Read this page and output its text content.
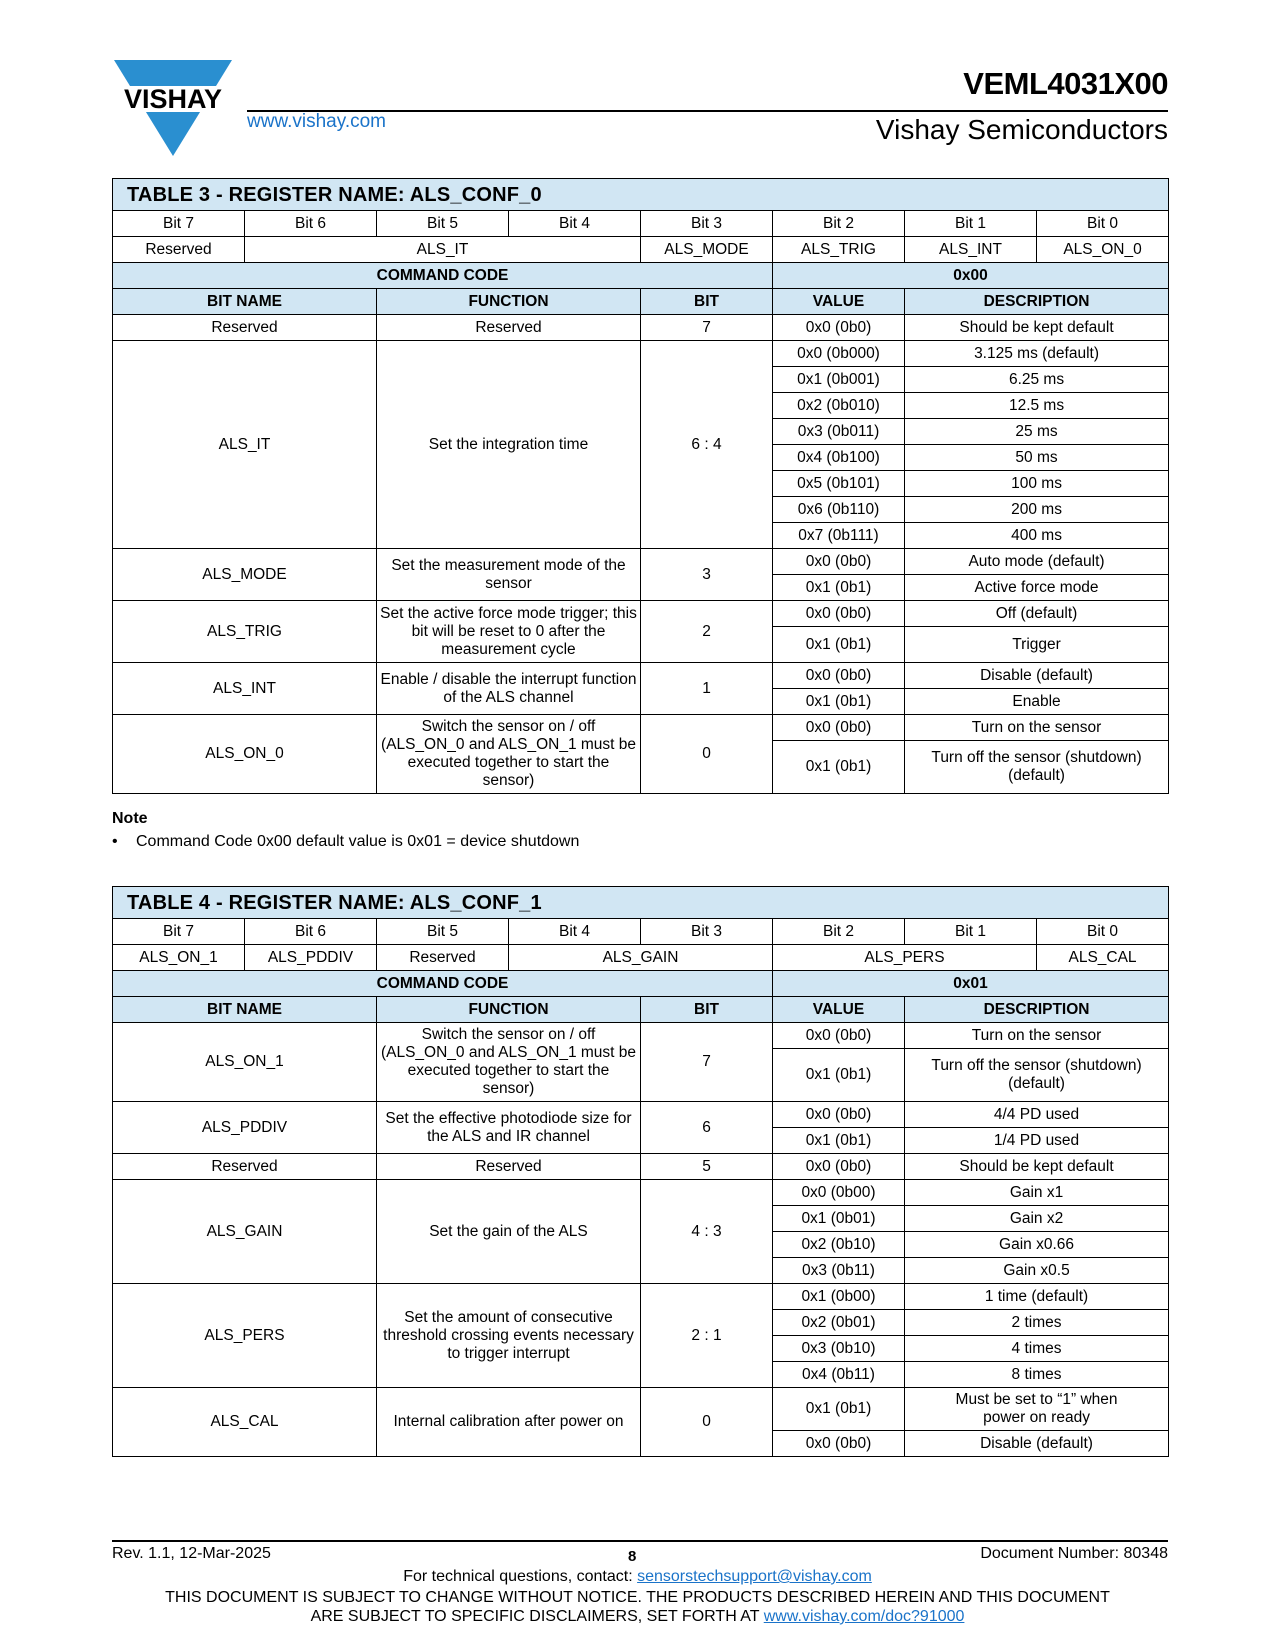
VISHAY
www.vishay.com
VEML4031X00
Vishay Semiconductors
TABLE 3 - REGISTER NAME: ALS_CONF_0							
Bit 7	Bit 6	Bit 5	Bit 4	Bit 3	Bit 2	Bit 1	Bit 0
Reserved	ALS_IT			ALS_MODE	ALS_TRIG	ALS_INT	ALS_ON_0
COMMAND CODE					0x00		
BIT NAME		FUNCTION		BIT	VALUE	DESCRIPTION	
Reserved		Reserved		7	0x0 (0b0)	Should be kept default	
ALS_IT		Set the integration time		6 : 4	0x0 (0b000)	3.125 ms (default)	
					0x1 (0b001)	6.25 ms	
					0x2 (0b010)	12.5 ms	
					0x3 (0b011)	25 ms	
					0x4 (0b100)	50 ms	
					0x5 (0b101)	100 ms	
					0x6 (0b110)	200 ms	
					0x7 (0b111)	400 ms	
ALS_MODE		Set the measurement mode of the sensor		3	0x0 (0b0)	Auto mode (default)	
					0x1 (0b1)	Active force mode	
ALS_TRIG		Set the active force mode trigger; this bit will be reset to 0 after the measurement cycle		2	0x0 (0b0)	Off (default)	
					0x1 (0b1)	Trigger	
ALS_INT		Enable / disable the interrupt function of the ALS channel		1	0x0 (0b0)	Disable (default)	
					0x1 (0b1)	Enable	
ALS_ON_0		Switch the sensor on / off (ALS_ON_0 and ALS_ON_1 must be executed together to start the sensor)		0	0x0 (0b0)	Turn on the sensor	
					0x1 (0b1)	Turn off the sensor (shutdown) (default)	
Note
• Command Code 0x00 default value is 0x01 = device shutdown
TABLE 4 - REGISTER NAME: ALS_CONF_1							
Bit 7	Bit 6	Bit 5	Bit 4	Bit 3	Bit 2	Bit 1	Bit 0
ALS_ON_1	ALS_PDDIV	Reserved	ALS_GAIN		ALS_PERS		ALS_CAL
COMMAND CODE					0x01		
BIT NAME		FUNCTION		BIT	VALUE	DESCRIPTION	
ALS_ON_1		Switch the sensor on / off (ALS_ON_0 and ALS_ON_1 must be executed together to start the sensor)		7	0x0 (0b0)	Turn on the sensor	
					0x1 (0b1)	Turn off the sensor (shutdown) (default)	
ALS_PDDIV		Set the effective photodiode size for the ALS and IR channel		6	0x0 (0b0)	4/4 PD used	
					0x1 (0b1)	1/4 PD used	
Reserved		Reserved		5	0x0 (0b0)	Should be kept default	
ALS_GAIN		Set the gain of the ALS		4 : 3	0x0 (0b00)	Gain x1	
					0x1 (0b01)	Gain x2	
					0x2 (0b10)	Gain x0.66	
					0x3 (0b11)	Gain x0.5	
ALS_PERS		Set the amount of consecutive threshold crossing events necessary to trigger interrupt		2 : 1	0x1 (0b00)	1 time (default)	
					0x2 (0b01)	2 times	
					0x3 (0b10)	4 times	
					0x4 (0b11)	8 times	
ALS_CAL		Internal calibration after power on		0	0x1 (0b1)	Must be set to “1” when power on ready	
					0x0 (0b0)	Disable (default)	
Rev. 1.1, 12-Mar-2025	8	Document Number: 80348
For technical questions, contact: sensorstechsupport@vishay.com
THIS DOCUMENT IS SUBJECT TO CHANGE WITHOUT NOTICE. THE PRODUCTS DESCRIBED HEREIN AND THIS DOCUMENT
ARE SUBJECT TO SPECIFIC DISCLAIMERS, SET FORTH AT www.vishay.com/doc?91000
